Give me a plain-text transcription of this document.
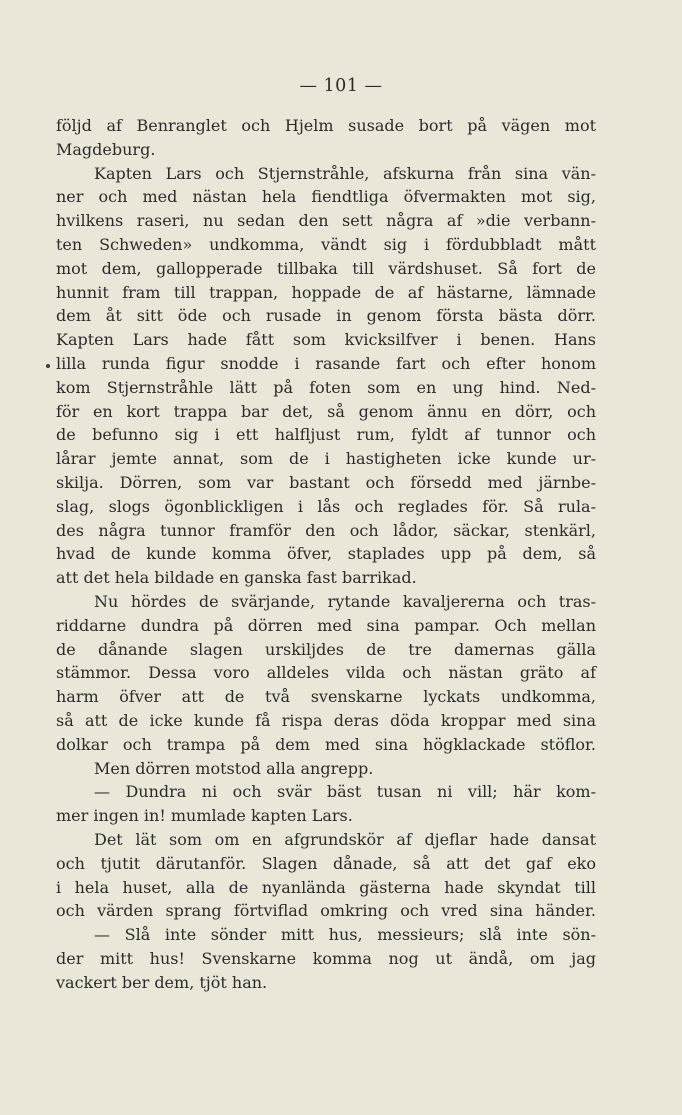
— 101 —
följd af Benranglet och Hjelm susade bort på vägen mot
Magdeburg.
Kapten Lars och Stjernstråhle, afskurna från sina vän-
ner och med nästan hela fiendtliga öfvermakten mot sig,
hvilkens raseri, nu sedan den sett några af »die verbann-
ten Schweden» undkomma, vändt sig i fördubbladt mått
mot dem, gallopperade tillbaka till värdshuset. Så fort de
hunnit fram till trappan, hoppade de af hästarne, lämnade
dem åt sitt öde och rusade in genom första bästa dörr.
Kapten Lars hade fått som kvicksilfver i benen. Hans
lilla runda figur snodde i rasande fart och efter honom
kom Stjernstråhle lätt på foten som en ung hind. Ned-
för en kort trappa bar det, så genom ännu en dörr, och
de befunno sig i ett halfljust rum, fyldt af tunnor och
lårar jemte annat, som de i hastigheten icke kunde ur-
skilja. Dörren, som var bastant och försedd med järnbe-
slag, slogs ögonblickligen i lås och reglades för. Så rula-
des några tunnor framför den och lådor, säckar, stenkärl,
hvad de kunde komma öfver, staplades upp på dem, så
att det hela bildade en ganska fast barrikad.
Nu hördes de svärjande, rytande kavaljererna och tras-
riddarne dundra på dörren med sina pampar. Och mellan
de dånande slagen urskiljdes de tre damernas gälla
stämmor. Dessa voro alldeles vilda och nästan gräto af
harm öfver att de två svenskarne lyckats undkomma,
så att de icke kunde få rispa deras döda kroppar med sina
dolkar och trampa på dem med sina högklackade stöflor.
Men dörren motstod alla angrepp.
— Dundra ni och svär bäst tusan ni vill; här kom-
mer ingen in! mumlade kapten Lars.
Det lät som om en afgrundskör af djeflar hade dansat
och tjutit därutanför. Slagen dånade, så att det gaf eko
i hela huset, alla de nyanlända gästerna hade skyndat till
och värden sprang förtviflad omkring och vred sina händer.
— Slå inte sönder mitt hus, messieurs; slå inte sön-
der mitt hus! Svenskarne komma nog ut ändå, om jag
vackert ber dem, tjöt han.
